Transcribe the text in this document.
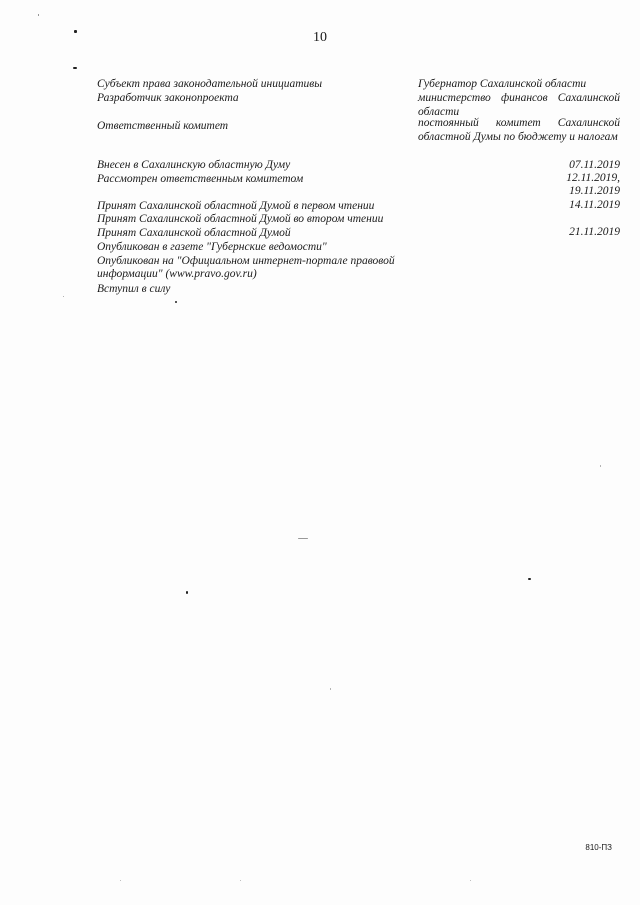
10
Субъект права законодательной инициативы	Губернатор Сахалинской области
Разработчик законопроекта	министерство финансов Сахалинской области
Ответственный комитет	постоянный комитет Сахалинской областной Думы по бюджету и налогам
Внесен в Сахалинскую областную Думу	07.11.2019
Рассмотрен ответственным комитетом	12.11.2019,
19.11.2019
Принят Сахалинской областной Думой в первом чтении	14.11.2019
Принят Сахалинской областной Думой во втором чтении
Принят Сахалинской областной Думой	21.11.2019
Опубликован в газете "Губернские ведомости"
Опубликован на "Официальном интернет-портале правовой
информации" (www.pravo.gov.ru)
Вступил в силу
810-ПЗ
